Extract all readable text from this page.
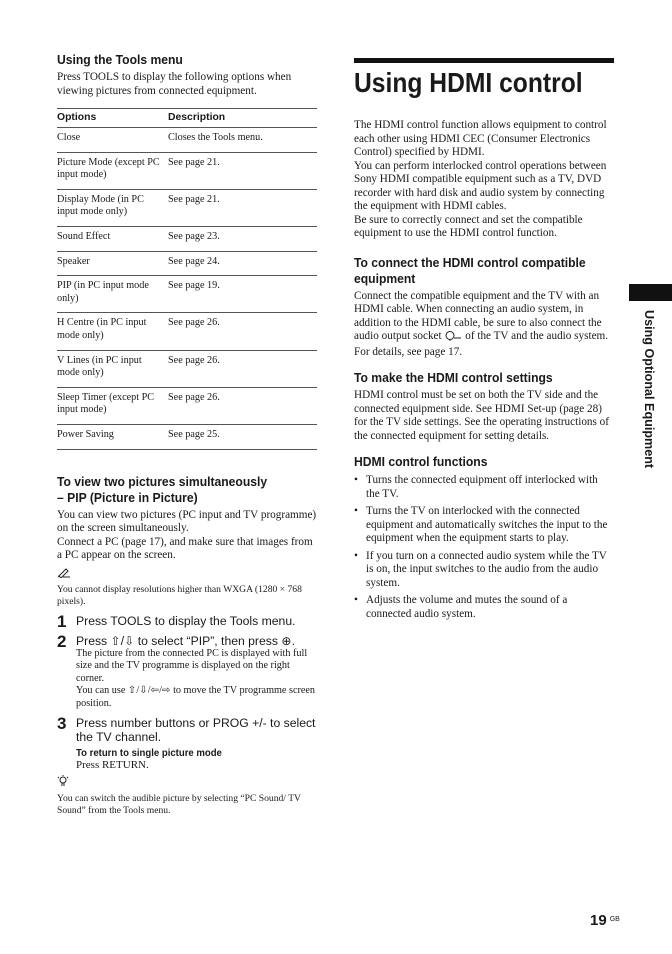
Using the Tools menu

Press TOOLS to display the following options when viewing pictures from connected equipment.

Options	Description
Close	Closes the Tools menu.
Picture Mode (except PC input mode)	See page 21.
Display Mode (in PC input mode only)	See page 21.
Sound Effect	See page 23.
Speaker	See page 24.
PIP (in PC input mode only)	See page 19.
H Centre (in PC input mode only)	See page 26.
V Lines (in PC input mode only)	See page 26.
Sleep Timer (except PC input mode)	See page 26.
Power Saving	See page 25.
To view two pictures simultaneously
– PIP (Picture in Picture)

You can view two pictures (PC input and TV programme) on the screen simultaneously.

Connect a PC (page 17), and make sure that images from a PC appear on the screen.

You cannot display resolutions higher than WXGA (1280 × 768 pixels).

1 Press TOOLS to display the Tools menu.
2 Press ⇧/⇩ to select “PIP”, then press ⊕.
The picture from the connected PC is displayed with full size and the TV programme is displayed on the right corner.
You can use ⇧/⇩/⇦/⇨ to move the TV programme screen position.
3 Press number buttons or PROG +/- to select the TV channel.
To return to single picture mode
Press RETURN.

You can switch the audible picture by selecting “PC Sound/ TV Sound” from the Tools menu.

Using HDMI control

The HDMI control function allows equipment to control each other using HDMI CEC (Consumer Electronics Control) specified by HDMI.

You can perform interlocked control operations between Sony HDMI compatible equipment such as a TV, DVD recorder with hard disk and audio system by connecting the equipment with HDMI cables.

Be sure to correctly connect and set the compatible equipment to use the HDMI control function.

To connect the HDMI control compatible
equipment

Connect the compatible equipment and the TV with an HDMI cable. When connecting an audio system, in addition to the HDMI cable, be sure to also connect the audio output socket  of the TV and the audio system. For details, see page 17.

To make the HDMI control settings

HDMI control must be set on both the TV side and the connected equipment side. See HDMI Set-up (page 28) for the TV side settings. See the operating instructions of the connected equipment for setting details.

HDMI control functions
• Turns the connected equipment off interlocked with the TV.
• Turns the TV on interlocked with the connected equipment and automatically switches the input to the equipment when the equipment starts to play.
• If you turn on a connected audio system while the TV is on, the input switches to the audio from the audio system.
• Adjusts the volume and mutes the sound of a connected audio system.
Using Optional Equipment
19 $^{GB}$
